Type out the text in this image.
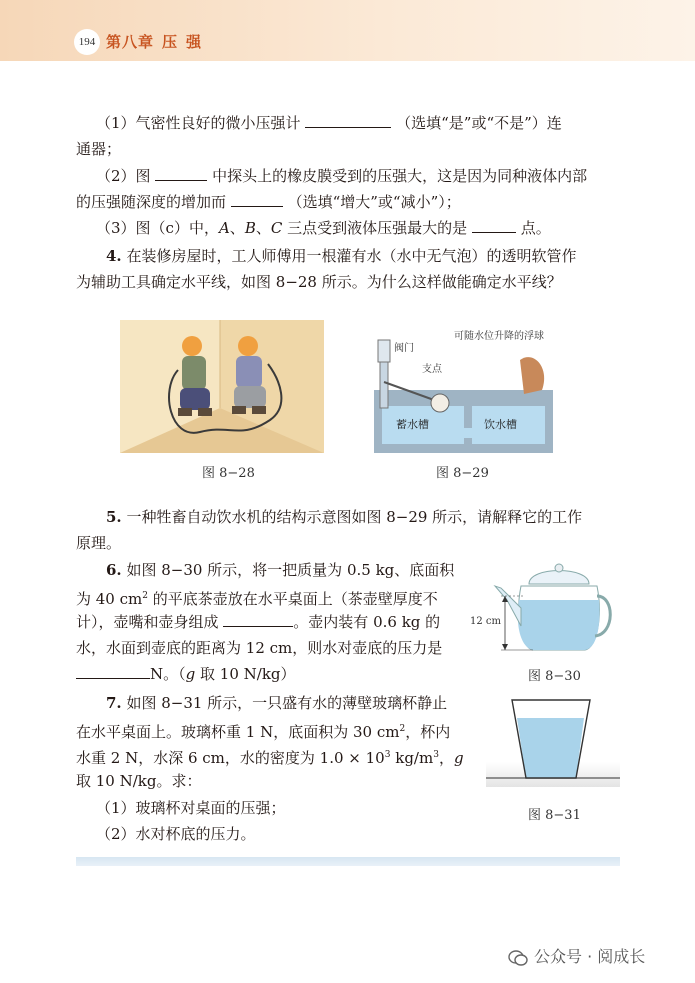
194 第八章 压 强
（1）气密性良好的微小压强计	（选填“是”或“不是”）连
通器；
（2）图	中探头上的橡皮膜受到的压强大，这是因为同种液体内部
的压强随深度的增加而	（选填“增大”或“减小”）；
（3）图（c）中，A、B、C 三点受到液体压强最大的是	点。
4. 在装修房屋时，工人师傅用一根灌有水（水中无气泡）的透明软管作
为辅助工具确定水平线，如图 8−28 所示。为什么这样做能确定水平线？
图 8−28
阀门
支点
可随水位升降的浮球
蓄水槽	饮水槽
图 8−29
5. 一种牲畜自动饮水机的结构示意图如图 8−29 所示，请解释它的工作
原理。
6. 如图 8−30 所示，将一把质量为 0.5 kg、底面积
为 40 $cm^2$ 的平底茶壶放在水平桌面上（茶壶壁厚度不
计），壶嘴和壶身组成	。壶内装有 0.6 kg 的
水，水面到壶底的距离为 12 cm，则水对壶底的压力是
N。（g 取 10 N/kg）
12 cm
图 8−30
7. 如图 8−31 所示，一只盛有水的薄壁玻璃杯静止
在水平桌面上。玻璃杯重 1 N，底面积为 30 $cm^2$，杯内
水重 2 N，水深 6 cm，水的密度为 $1.0 \times 10^3$ $kg/m^3$，g
取 10 N/kg。求：
（1）玻璃杯对桌面的压强；
（2）水对杯底的压力。
图 8−31
公众号 · 阅成长
